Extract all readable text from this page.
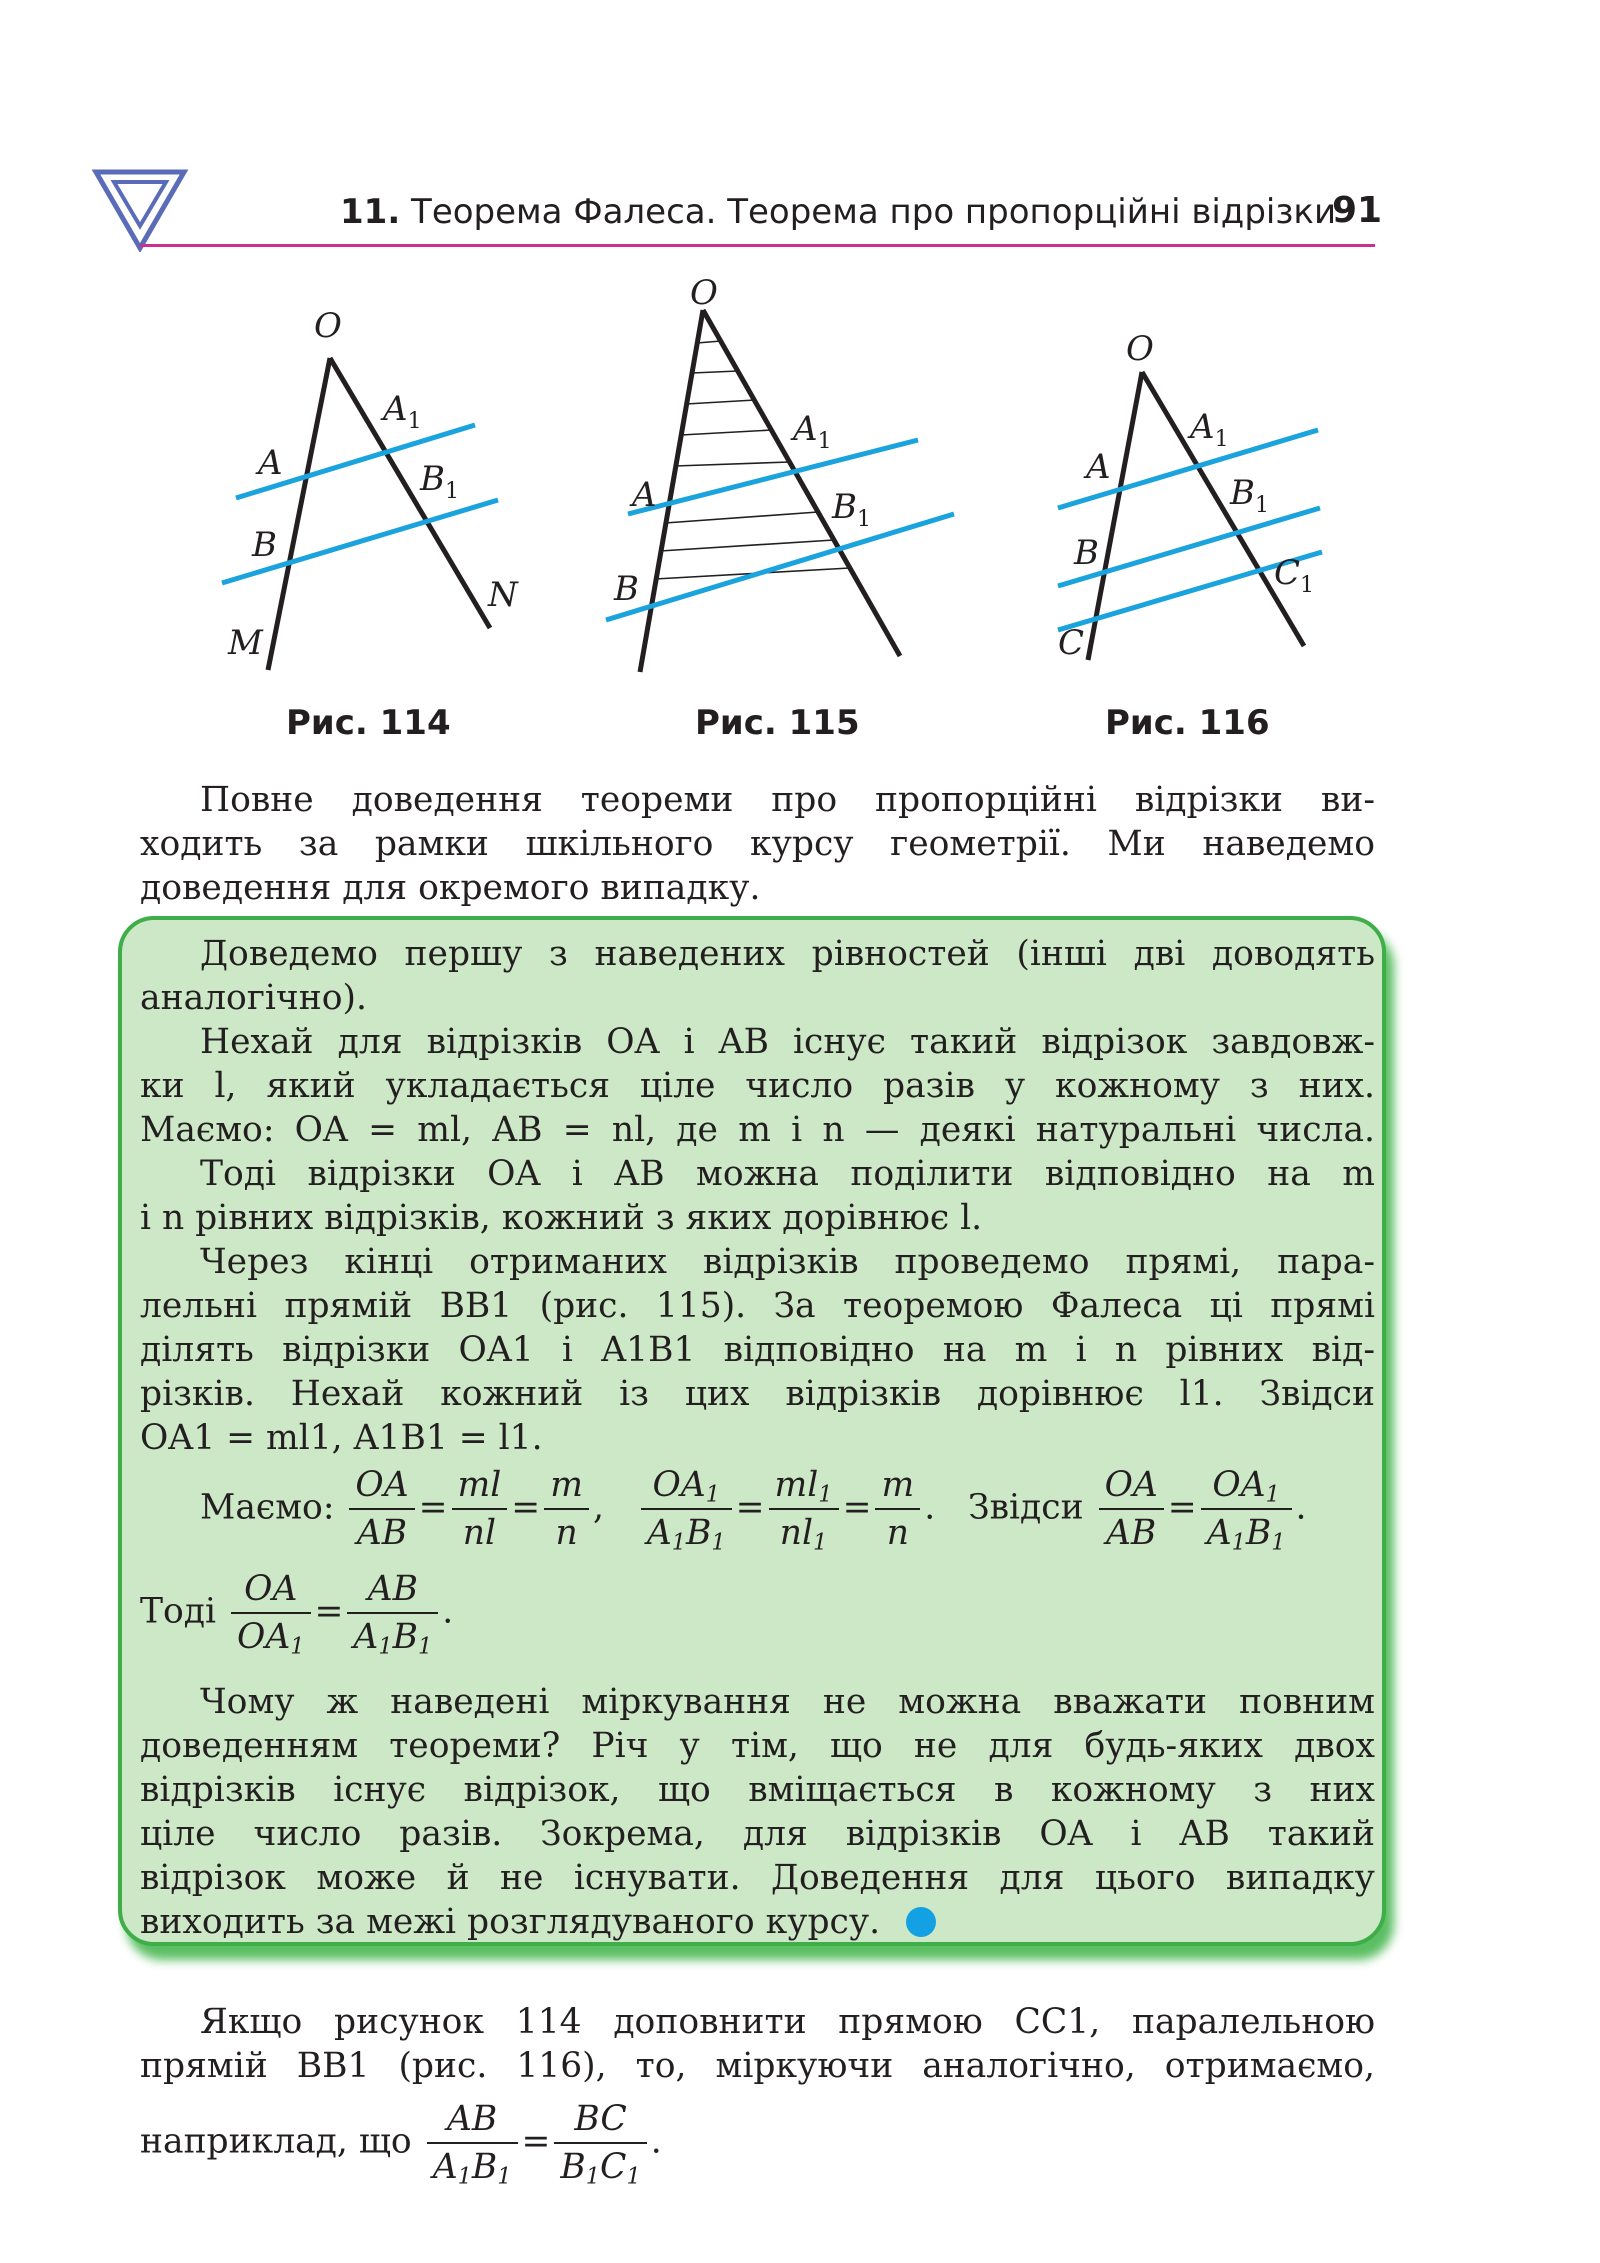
11. Теорема Фалеса. Теорема про пропорційні відрізки
91
O
$A_1$
A	$B_1$
B
N
M
O
$A_1$
A	$B_1$
B
O
$A_1$
A
$B_1$
B	$C_1$
C
Рис. 114	Рис. 115	Рис. 116
Повне доведення теореми про пропорційні відрізки ви-
ходить за рамки шкільного курсу геометрії. Ми наведемо
доведення для окремого випадку.
Доведемо першу з наведених рівностей (інші дві доводять
аналогічно).
Нехай для відрізків OA і AB існує такий відрізок завдовж-
ки l, який укладається ціле число разів у кожному з них.
Маємо: OA = ml, AB = nl, де m і n — деякі натуральні числа.
Тоді відрізки OA і AB можна поділити відповідно на m
і n рівних відрізків, кожний з яких дорівнює l.
Через кінці отриманих відрізків проведемо прямі, пара-
лельні прямій BB1 (рис. 115). За теоремою Фалеса ці прямі
ділять відрізки OA1 і A1B1 відповідно на m і n рівних від-
різків. Нехай кожний із цих відрізків дорівнює l1. Звідси
OA1 = ml1, A1B1 = l1.
Маємо: $\frac{OA}{AB} = \frac{ml}{nl} = \frac{m}{n}$ , $\frac{OA_1}{A_1B_1} = \frac{ml_1}{nl_1} = \frac{m}{n}$ .   Звідси $\frac{OA}{AB} = \frac{OA_1}{A_1B_1}$ .
Тоді $\frac{OA}{OA_1} = \frac{AB}{A_1B_1}$ .
Чому ж наведені міркування не можна вважати повним
доведенням теореми? Річ у тім, що не для будь-яких двох
відрізків існує відрізок, що вміщається в кожному з них
ціле число разів. Зокрема, для відрізків OA і AB такий
відрізок може й не існувати. Доведення для цього випадку
виходить за межі розглядуваного курсу.
Якщо рисунок 114 доповнити прямою CC1, паралельною
прямій BB1 (рис. 116), то, міркуючи аналогічно, отримаємо,
наприклад, що $\frac{AB}{A_1B_1} = \frac{BC}{B_1C_1}$ .
